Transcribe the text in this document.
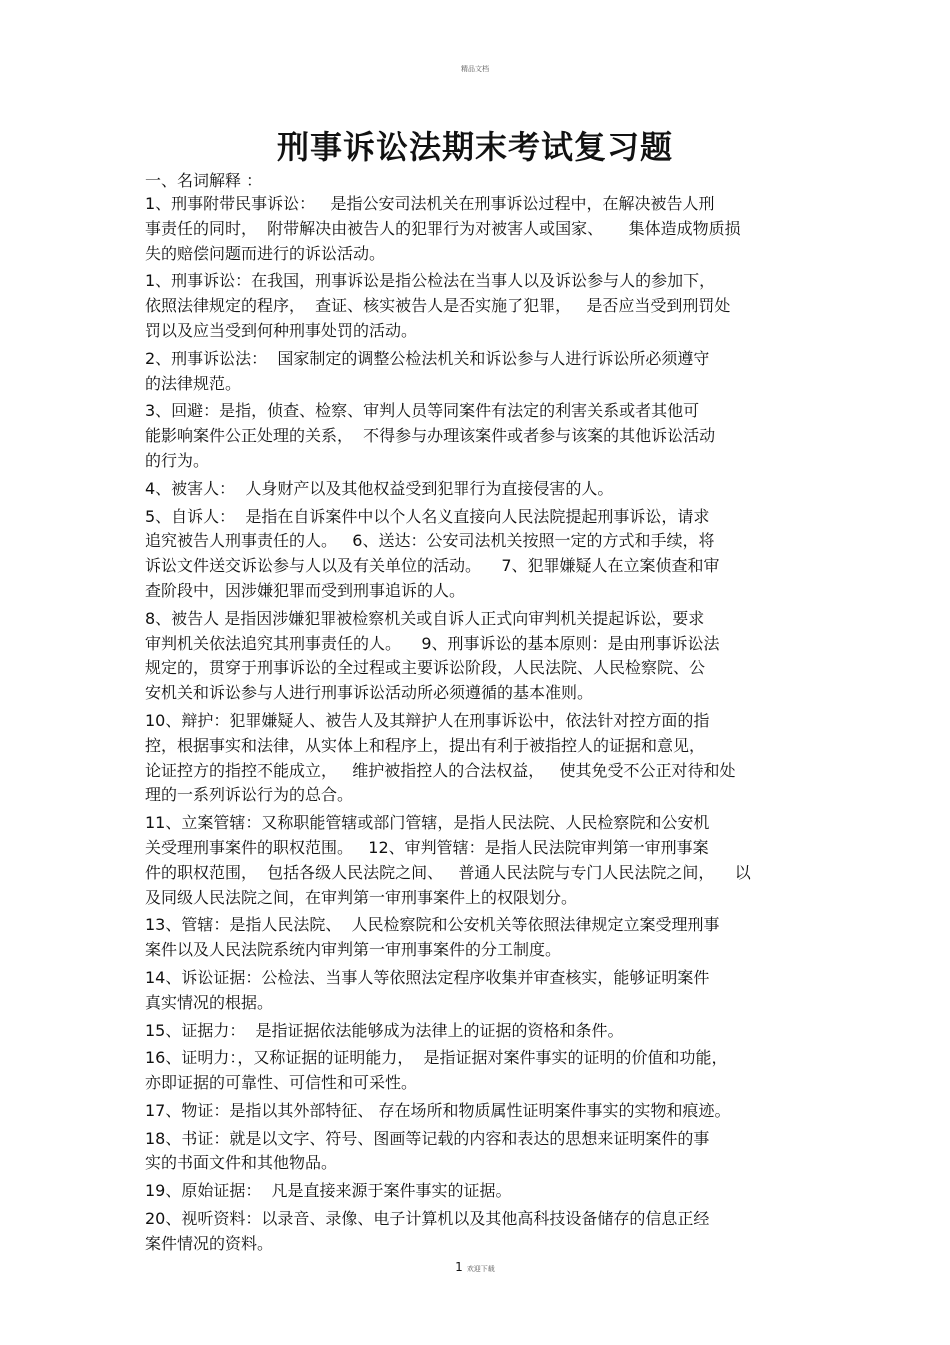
精品文档
刑事诉讼法期末考试复习题
一、名词解释 ：

1、刑事附带民事诉讼：   是指公安司法机关在刑事诉讼过程中，在解决被告人刑
事责任的同时，  附带解决由被告人的犯罪行为对被害人或国家、     集体造成物质损
失的赔偿问题而进行的诉讼活动。

1、刑事诉讼：在我国，刑事诉讼是指公检法在当事人以及诉讼参与人的参加下，
依照法律规定的程序，  查证、核实被告人是否实施了犯罪，   是否应当受到刑罚处
罚以及应当受到何种刑事处罚的活动。

2、刑事诉讼法：  国家制定的调整公检法机关和诉讼参与人进行诉讼所必须遵守
的法律规范。

3、回避：是指，侦查、检察、审判人员等同案件有法定的利害关系或者其他可
能影响案件公正处理的关系，  不得参与办理该案件或者参与该案的其他诉讼活动
的行为。

4、被害人：  人身财产以及其他权益受到犯罪行为直接侵害的人。

5、自诉人：  是指在自诉案件中以个人名义直接向人民法院提起刑事诉讼，请求
追究被告人刑事责任的人。   6、送达：公安司法机关按照一定的方式和手续，将
诉讼文件送交诉讼参与人以及有关单位的活动。    7、犯罪嫌疑人在立案侦查和审
查阶段中，因涉嫌犯罪而受到刑事追诉的人。

8、被告人 是指因涉嫌犯罪被检察机关或自诉人正式向审判机关提起诉讼，要求
审判机关依法追究其刑事责任的人。    9、刑事诉讼的基本原则：是由刑事诉讼法
规定的，贯穿于刑事诉讼的全过程或主要诉讼阶段，人民法院、人民检察院、公
安机关和诉讼参与人进行刑事诉讼活动所必须遵循的基本准则。

10、辩护：犯罪嫌疑人、被告人及其辩护人在刑事诉讼中，依法针对控方面的指
控，根据事实和法律，从实体上和程序上，提出有利于被指控人的证据和意见，
论证控方的指控不能成立，   维护被指控人的合法权益，   使其免受不公正对待和处
理的一系列诉讼行为的总合。

11、立案管辖：又称职能管辖或部门管辖，是指人民法院、人民检察院和公安机
关受理刑事案件的职权范围。   12、审判管辖：是指人民法院审判第一审刑事案
件的职权范围，  包括各级人民法院之间、   普通人民法院与专门人民法院之间，    以
及同级人民法院之间，在审判第一审刑事案件上的权限划分。

13、管辖：是指人民法院、  人民检察院和公安机关等依照法律规定立案受理刑事
案件以及人民法院系统内审判第一审刑事案件的分工制度。

14、诉讼证据：公检法、当事人等依照法定程序收集并审查核实，能够证明案件
真实情况的根据。

15、证据力：  是指证据依法能够成为法律上的证据的资格和条件。

16、证明力：，又称证据的证明能力，  是指证据对案件事实的证明的价值和功能，
亦即证据的可靠性、可信性和可采性。

17、物证：是指以其外部特征、 存在场所和物质属性证明案件事实的实物和痕迹。

18、书证：就是以文字、符号、图画等记载的内容和表达的思想来证明案件的事
实的书面文件和其他物品。

19、原始证据：  凡是直接来源于案件事实的证据。

20、视听资料：以录音、录像、电子计算机以及其他高科技设备储存的信息正经
案件情况的资料。

1 欢迎下载
